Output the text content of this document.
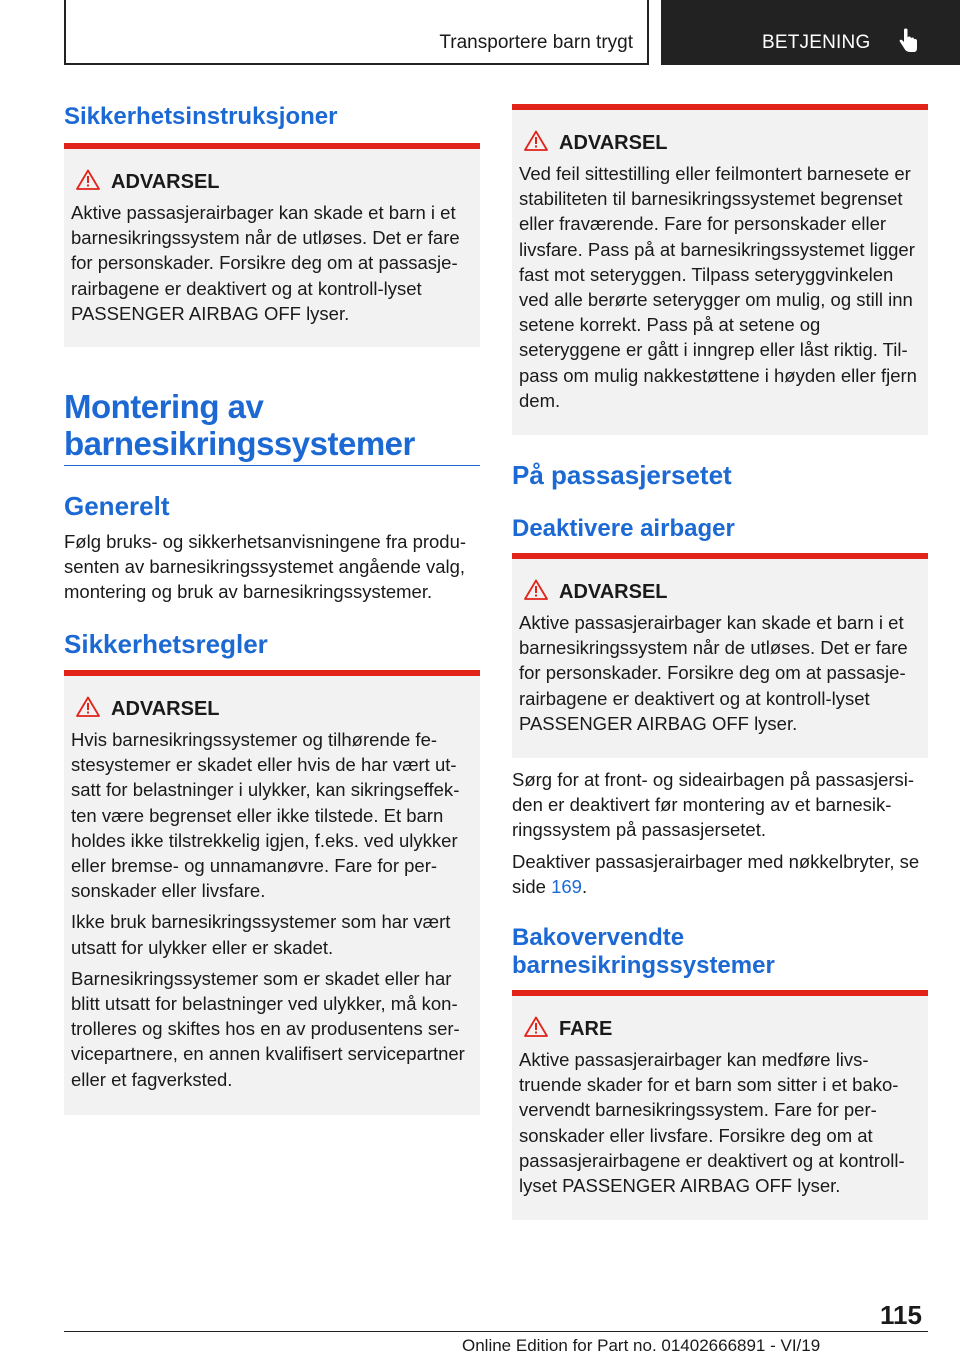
Transportere barn trygt	BETJENING
Sikkerhetsinstruksjoner
ADVARSEL
Aktive passasjerairbager kan skade et barn i et barnesikringssystem når de utløses. Det er fare for personskader. Forsikre deg om at passasjerairbagene er deaktivert og at kontroll-lyset PASSENGER AIRBAG OFF lyser.
Montering av
barnesikringssystemer
Generelt
Følg bruks- og sikkerhetsanvisningene fra produsenten av barnesikringssystemet angående valg, montering og bruk av barnesikringssystemer.
Sikkerhetsregler
ADVARSEL

Hvis barnesikringssystemer og tilhørende festesystemer er skadet eller hvis de har vært utsatt for belastninger i ulykker, kan sikringseffekten være begrenset eller ikke tilstede. Et barn holdes ikke tilstrekkelig igjen, f.eks. ved ulykker eller bremse- og unnamanøvre. Fare for personskader eller livsfare.

Ikke bruk barnesikringssystemer som har vært utsatt for ulykker eller er skadet.

Barnesikringssystemer som er skadet eller har blitt utsatt for belastninger ved ulykker, må kontrolleres og skiftes hos en av produsentens servicepartnere, en annen kvalifisert servicepartner eller et fagverksted.

ADVARSEL
Ved feil sittestilling eller feilmontert barnesete er stabiliteten til barnesikringssystemet begrenset eller fraværende. Fare for personskader eller livsfare. Pass på at barnesikringssystemet ligger fast mot seteryggen. Tilpass seteryggvinkelen ved alle berørte seterygger om mulig, og still inn setene korrekt. Pass på at setene og seteryggene er gått i inngrep eller låst riktig. Tilpass om mulig nakkestøttene i høyden eller fjern dem.
På passasjersetet
Deaktivere airbager
ADVARSEL
Aktive passasjerairbager kan skade et barn i et barnesikringssystem når de utløses. Det er fare for personskader. Forsikre deg om at passasjerairbagene er deaktivert og at kontroll-lyset PASSENGER AIRBAG OFF lyser.

Sørg for at front- og sideairbagen på passasjersiden er deaktivert før montering av et barnesikringssystem på passasjersetet.

Deaktiver passasjerairbager med nøkkelbryter, se side 169.

Bakovervendte
barnesikringssystemer
FARE
Aktive passasjerairbager kan medføre livstruende skader for et barn som sitter i et bakovervendt barnesikringssystem. Fare for personskader eller livsfare. Forsikre deg om at passasjerairbagene er deaktivert og at kontrolllyset PASSENGER AIRBAG OFF lyser.
115
Online Edition for Part no. 01402666891 - VI/19
